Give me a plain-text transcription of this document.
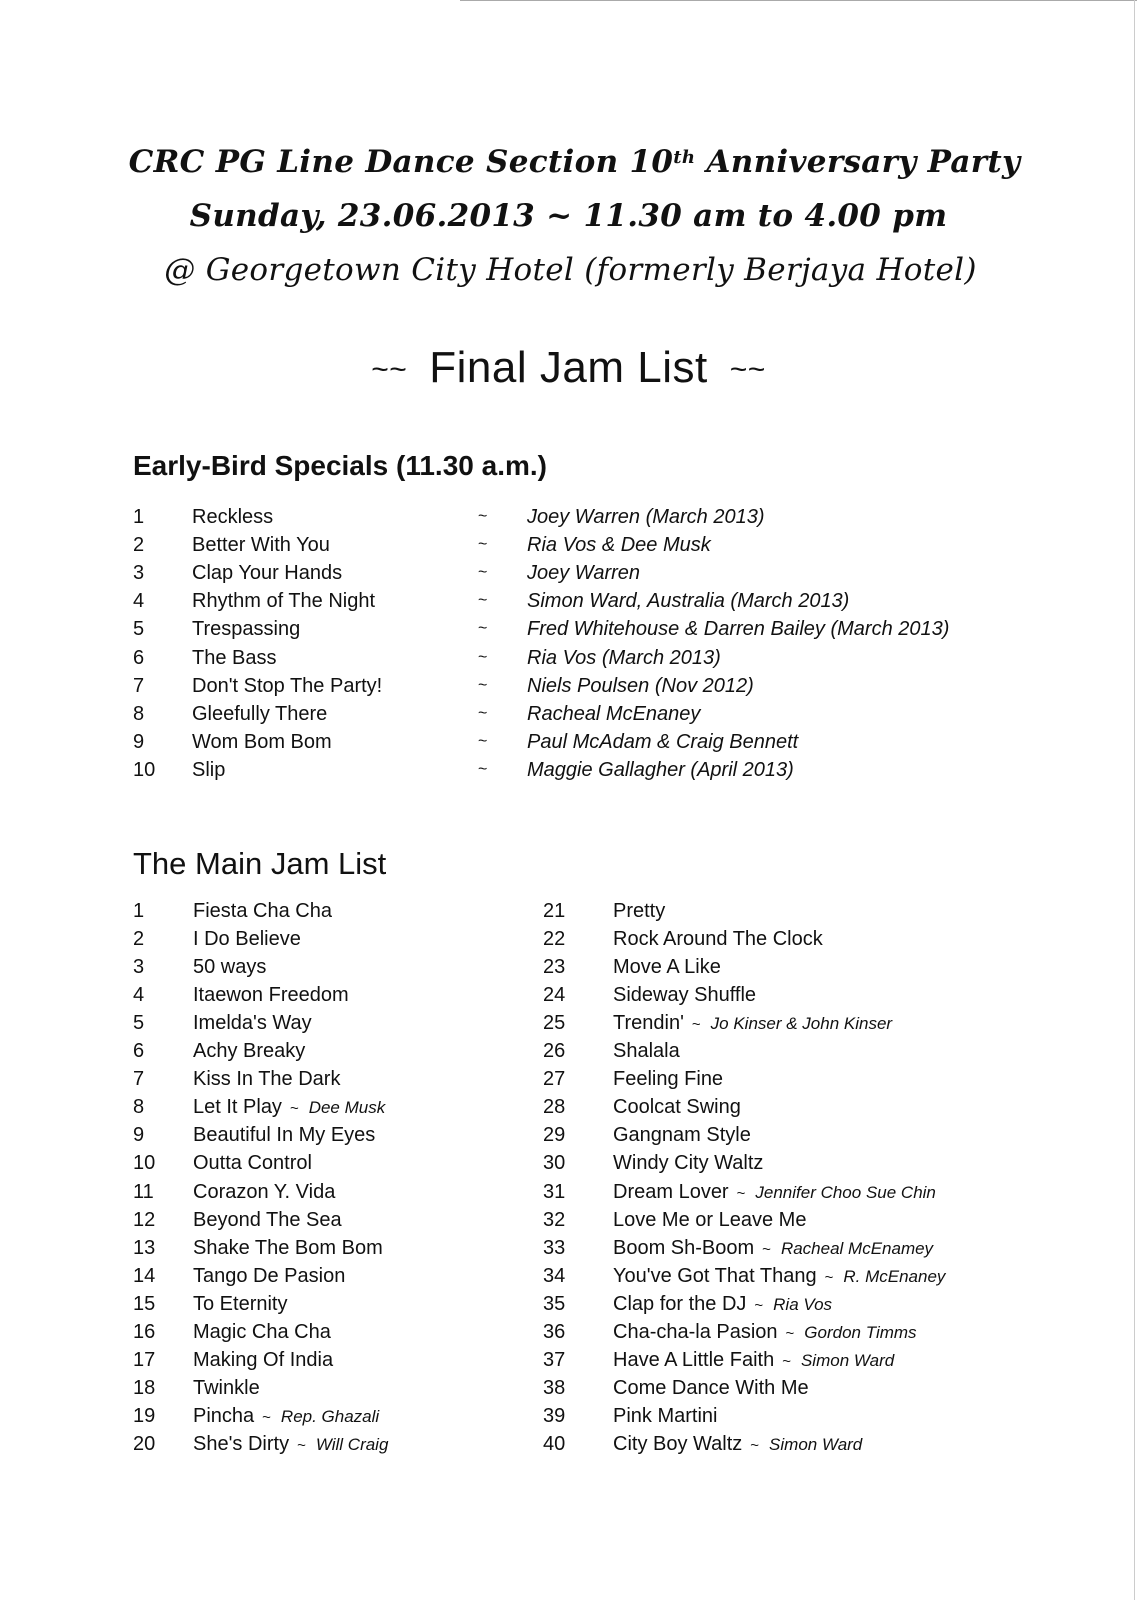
CRC PG Line Dance Section 10th Anniversary Party
Sunday, 23.06.2013 ~ 11.30 am to 4.00 pm
@ Georgetown City Hotel (formerly Berjaya Hotel)
~~ Final Jam List ~~
Early-Bird Specials (11.30 a.m.)
1 Reckless	~ Joey Warren (March 2013)
2 Better With You	~ Ria Vos & Dee Musk
3 Clap Your Hands	~ Joey Warren
4 Rhythm of The Night	~ Simon Ward, Australia (March 2013)
5 Trespassing	~ Fred Whitehouse & Darren Bailey (March 2013)
6 The Bass	~ Ria Vos (March 2013)
7 Don't Stop The Party!	~ Niels Poulsen (Nov 2012)
8 Gleefully There	~ Racheal McEnaney
9 Wom Bom Bom	~ Paul McAdam & Craig Bennett
10 Slip	~ Maggie Gallagher (April 2013)
The Main Jam List
1 Fiesta Cha Cha
2 I Do Believe
3 50 ways
4 Itaewon Freedom
5 Imelda's Way
6 Achy Breaky
7 Kiss In The Dark
8 Let It Play ~ Dee Musk
9 Beautiful In My Eyes
10 Outta Control
11 Corazon Y. Vida
12 Beyond The Sea
13 Shake The Bom Bom
14 Tango De Pasion
15 To Eternity
16 Magic Cha Cha
17 Making Of India
18 Twinkle
19 Pincha ~ Rep. Ghazali
20 She's Dirty ~ Will Craig
21 Pretty
22 Rock Around The Clock
23 Move A Like
24 Sideway Shuffle
25 Trendin' ~ Jo Kinser & John Kinser
26 Shalala
27 Feeling Fine
28 Coolcat Swing
29 Gangnam Style
30 Windy City Waltz
31 Dream Lover ~ Jennifer Choo Sue Chin
32 Love Me or Leave Me
33 Boom Sh-Boom ~ Racheal McEnamey
34 You've Got That Thang ~ R. McEnaney
35 Clap for the DJ ~ Ria Vos
36 Cha-cha-la Pasion ~ Gordon Timms
37 Have A Little Faith ~ Simon Ward
38 Come Dance With Me
39 Pink Martini
40 City Boy Waltz ~ Simon Ward
